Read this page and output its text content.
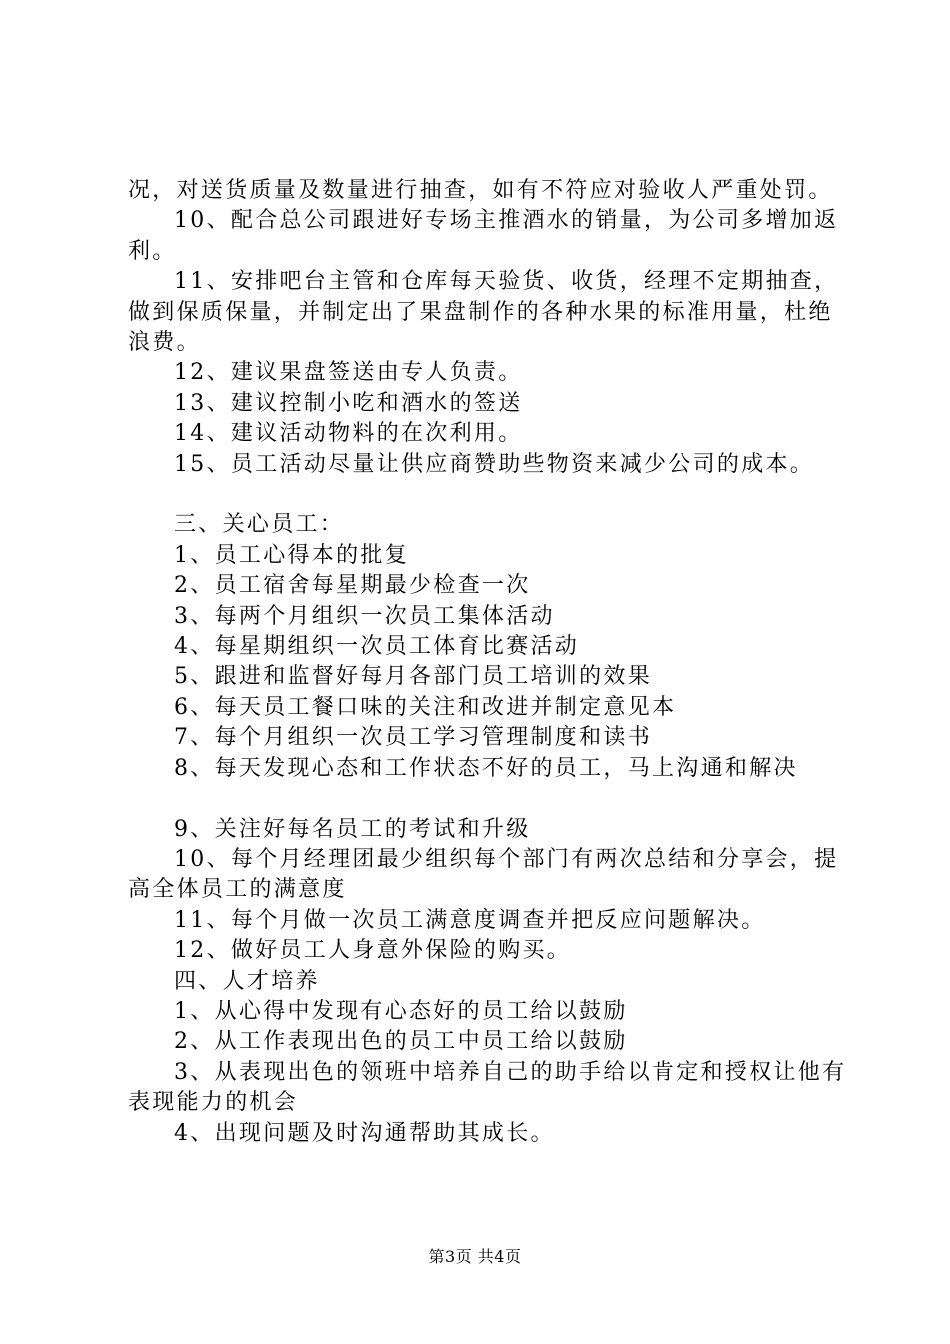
况，对送货质量及数量进行抽查，如有不符应对验收人严重处罚。

10、配合总公司跟进好专场主推酒水的销量，为公司多增加返利。

11、安排吧台主管和仓库每天验货、收货，经理不定期抽查，做到保质保量，并制定出了果盘制作的各种水果的标准用量，杜绝浪费。

12、建议果盘签送由专人负责。

13、建议控制小吃和酒水的签送

14、建议活动物料的在次利用。

15、员工活动尽量让供应商赞助些物资来减少公司的成本。

三、关心员工：

1、员工心得本的批复

2、员工宿舍每星期最少检查一次

3、每两个月组织一次员工集体活动

4、每星期组织一次员工体育比赛活动

5、跟进和监督好每月各部门员工培训的效果

6、每天员工餐口味的关注和改进并制定意见本

7、每个月组织一次员工学习管理制度和读书

8、每天发现心态和工作状态不好的员工，马上沟通和解决

9、关注好每名员工的考试和升级

10、每个月经理团最少组织每个部门有两次总结和分享会，提高全体员工的满意度

11、每个月做一次员工满意度调查并把反应问题解决。

12、做好员工人身意外保险的购买。

四、人才培养

1、从心得中发现有心态好的员工给以鼓励

2、从工作表现出色的员工中员工给以鼓励

3、从表现出色的领班中培养自己的助手给以肯定和授权让他有表现能力的机会

4、出现问题及时沟通帮助其成长。

第3页 共4页
